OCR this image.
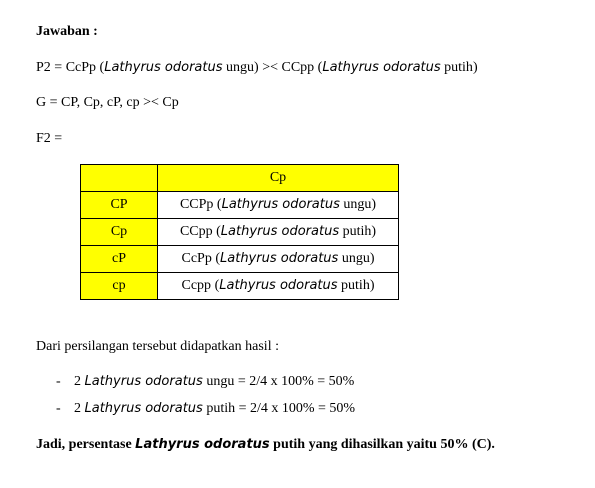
Jawaban :
P2 = CcPp (Lathyrus odoratus ungu) >< CCpp (Lathyrus odoratus putih)
G = CP, Cp, cP, cp >< Cp
F2 =
	Cp
CP	CCPp (Lathyrus odoratus ungu)
Cp	CCpp (Lathyrus odoratus putih)
cP	CcPp (Lathyrus odoratus ungu)
cp	Ccpp (Lathyrus odoratus putih)
Dari persilangan tersebut didapatkan hasil :
- 2 Lathyrus odoratus ungu = 2/4 x 100% = 50%
- 2 Lathyrus odoratus putih = 2/4 x 100% = 50%
Jadi, persentase Lathyrus odoratus putih yang dihasilkan yaitu 50% (C).
